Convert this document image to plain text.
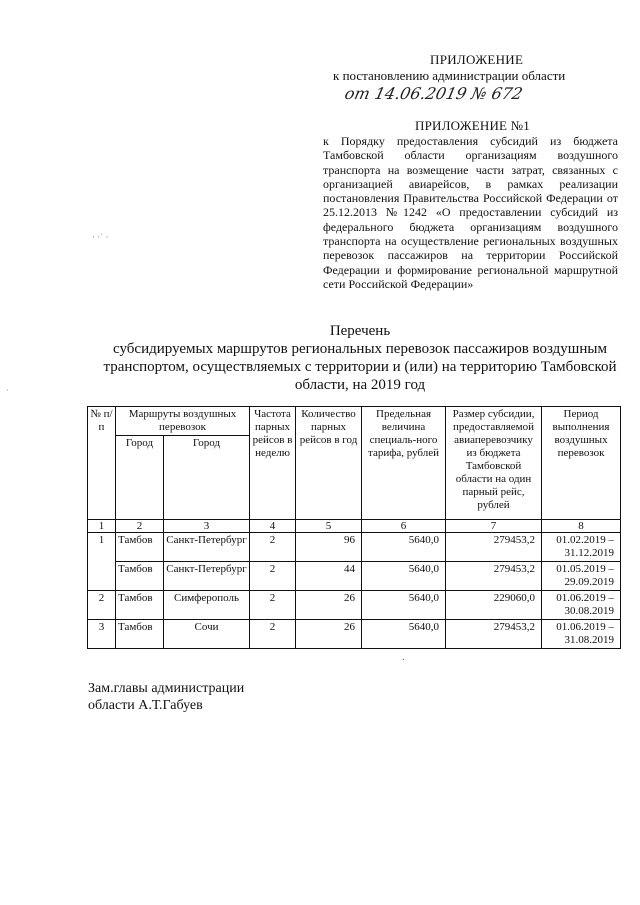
ПРИЛОЖЕНИЕ
к постановлению администрации области
от 14.06.2019 № 672
ПРИЛОЖЕНИЕ №1
к Порядку предоставления субсидий из бюджета Тамбовской области организациям воздушного транспорта на возмещение части затрат, связанных с организацией авиарейсов, в рамках реализации постановления Правительства Российской Федерации от 25.12.2013 №1242 «О предоставлении субсидий из федерального бюджета организациям воздушного транспорта на осуществление региональных воздушных перевозок пассажиров на территории Российской Федерации и формирование региональной маршрутной сети Российской Федерации»
· ·ˈ ·
˙
Перечень
субсидируемых маршрутов региональных перевозок пассажиров воздушным
транспортом, осуществляемых с территории и (или) на территорию Тамбовской
области, на 2019 год
№ п/п	Маршруты воздушных перевозок		Частота парных рейсов в неделю	Количество парных рейсов в год	Предельная величина специаль-ного тарифа, рублей	Размер субсидии, предоставляемой авиаперевозчику из бюджета Тамбовской области на один парный рейс, рублей	Период выполнения воздушных перевозок
	Город	Город					
1	2	3	4	5	6	7	8
1	Тамбов	Санкт-Петербург	2	96	5640,0	279453,2	01.02.2019 – 31.12.2019
	Тамбов	Санкт-Петербург	2	44	5640,0	279453,2	01.05.2019 – 29.09.2019
2	Тамбов	Симферополь	2	26	5640,0	229060,0	01.06.2019 – 30.08.2019
3	Тамбов	Сочи	2	26	5640,0	279453,2	01.06.2019 – 31.08.2019
ˑ
Зам.главы администрации
области А.Т.Габуев
